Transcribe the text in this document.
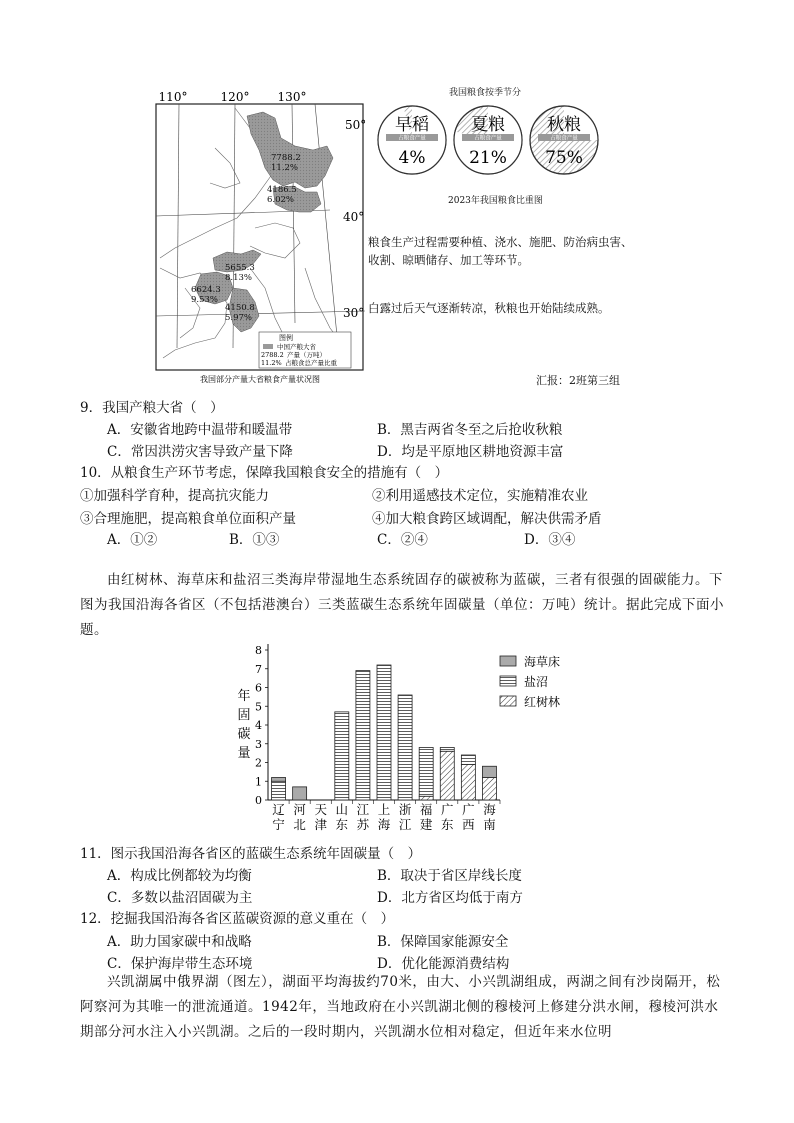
110°	120° 130°
50°
40°
30°
7788.2
11.2%
4186.5
6.02%
5655.3
8.13%
6624.3
9.53%
4150.8
5.97%
图例
中国产粮大省
2788.2 产量（万吨）
11.2% 占粮食总产量比重
我国部分产量大省粮食产量状况图
我国粮食按季节分
早稻
占粮食产量
4%
夏粮
占粮食产量
21%
秋粮
占粮食产量
75%
2023年我国粮食比重图
粮食生产过程需要种植、浇水、施肥、防治病虫害、
收割、晾晒储存、加工等环节。
白露过后天气逐渐转凉，秋粮也开始陆续成熟。
汇报：2班第三组
9．我国产粮大省（　）
A．安徽省地跨中温带和暖温带	B．黑吉两省冬至之后抢收秋粮
C．常因洪涝灾害导致产量下降	D．均是平原地区耕地资源丰富
10．从粮食生产环节考虑，保障我国粮食安全的措施有（　）
①加强科学育种，提高抗灾能力	②利用遥感技术定位，实施精准农业
③合理施肥，提高粮食单位面积产量	④加大粮食跨区域调配，解决供需矛盾
A．①②	B．①③	C．②④	D．③④
由红树林、海草床和盐沼三类海岸带湿地生态系统固存的碳被称为蓝碳，三者有很强的固碳能力。下图为我国沿海各省区（不包括港澳台）三类蓝碳生态系统年固碳量（单位：万吨）统计。据此完成下面小题。
0
1
2
3
4
5
6
7
8
年
固
碳
量
辽
宁
河
北
天
津
山
东
江
苏
上
海
浙
江
福
建
广
东
广
西
海
南
海草床
盐沼
红树林
11．图示我国沿海各省区的蓝碳生态系统年固碳量（　）
A．构成比例都较为均衡	B．取决于省区岸线长度
C．多数以盐沼固碳为主	D．北方省区均低于南方
12．挖掘我国沿海各省区蓝碳资源的意义重在（　）
A．助力国家碳中和战略	B．保障国家能源安全
C．保护海岸带生态环境	D．优化能源消费结构
兴凯湖属中俄界湖（图左），湖面平均海拔约70米，由大、小兴凯湖组成，两湖之间有沙岗隔开，松阿察河为其唯一的泄流通道。1942年，当地政府在小兴凯湖北侧的穆棱河上修建分洪水闸，穆棱河洪水期部分河水注入小兴凯湖。之后的一段时期内，兴凯湖水位相对稳定，但近年来水位明
